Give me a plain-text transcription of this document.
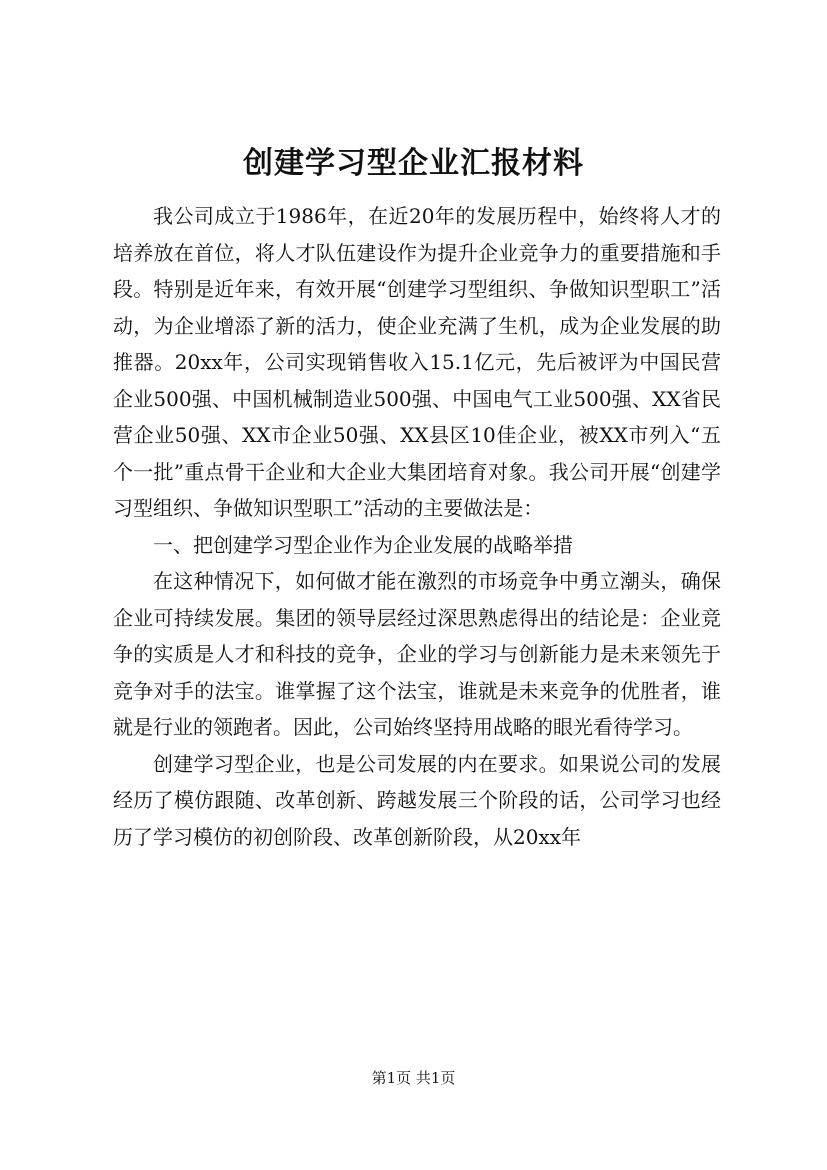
创建学习型企业汇报材料

我公司成立于1986年，在近20年的发展历程中，始终将人才的培养放在首位，将人才队伍建设作为提升企业竞争力的重要措施和手段。特别是近年来，有效开展“创建学习型组织、争做知识型职工”活动，为企业增添了新的活力，使企业充满了生机，成为企业发展的助推器。20xx年，公司实现销售收入15.1亿元，先后被评为中国民营企业500强、中国机械制造业500强、中国电气工业500强、XX省民营企业50强、XX市企业50强、XX县区10佳企业，被XX市列入“五个一批”重点骨干企业和大企业大集团培育对象。我公司开展“创建学习型组织、争做知识型职工”活动的主要做法是：

一、把创建学习型企业作为企业发展的战略举措

在这种情况下，如何做才能在激烈的市场竞争中勇立潮头，确保企业可持续发展。集团的领导层经过深思熟虑得出的结论是：企业竞争的实质是人才和科技的竞争，企业的学习与创新能力是未来领先于竞争对手的法宝。谁掌握了这个法宝，谁就是未来竞争的优胜者，谁就是行业的领跑者。因此，公司始终坚持用战略的眼光看待学习。

创建学习型企业，也是公司发展的内在要求。如果说公司的发展经历了模仿跟随、改革创新、跨越发展三个阶段的话，公司学习也经历了学习模仿的初创阶段、改革创新阶段，从20xx年

第1页 共1页
